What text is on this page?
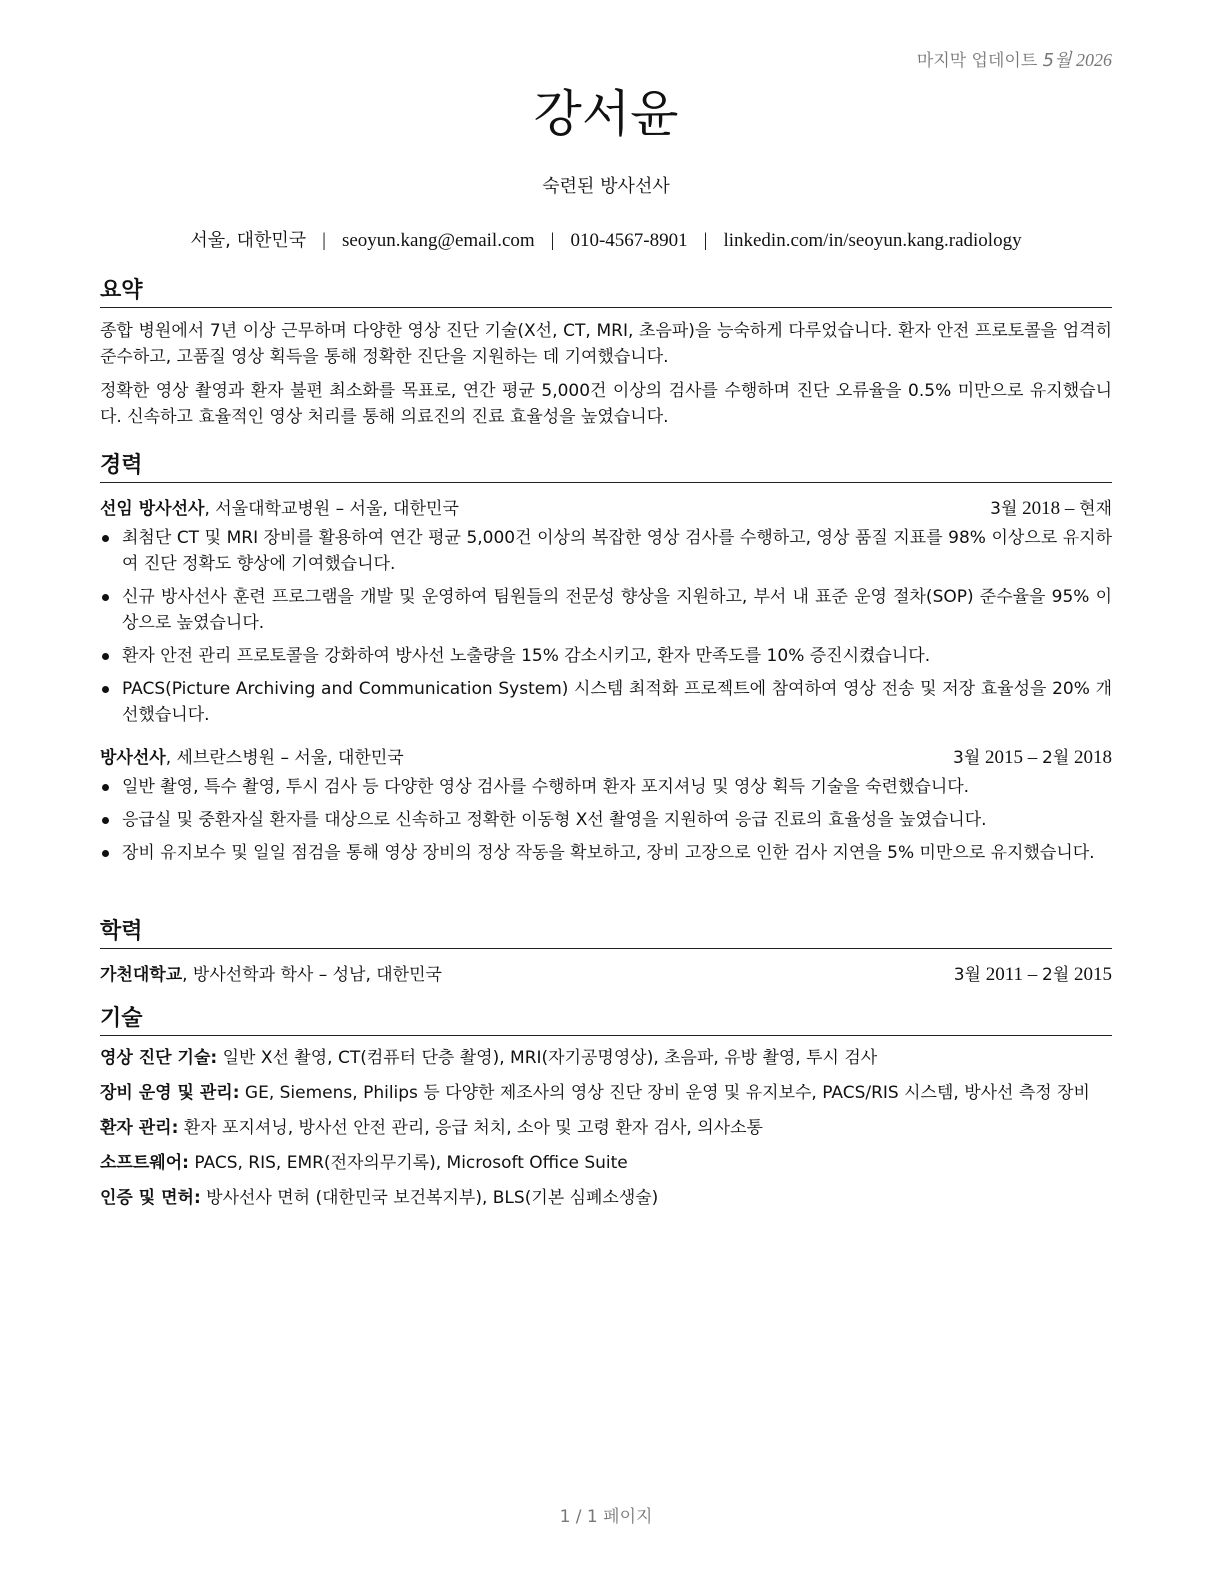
마지막 업데이트 5월 2026
강서윤
숙련된 방사선사
서울, 대한민국 | seoyun.kang@email.com | 010-4567-8901 | linkedin.com/in/seoyun.kang.radiology
요약

종합 병원에서 7년 이상 근무하며 다양한 영상 진단 기술(X선, CT, MRI, 초음파)을 능숙하게 다루었습니다. 환자 안전 프로토콜을 엄격히 준수하고, 고품질 영상 획득을 통해 정확한 진단을 지원하는 데 기여했습니다.

정확한 영상 촬영과 환자 불편 최소화를 목표로, 연간 평균 5,000건 이상의 검사를 수행하며 진단 오류율을 0.5% 미만으로 유지했습니다. 신속하고 효율적인 영상 처리를 통해 의료진의 진료 효율성을 높였습니다.

경력
선임 방사선사, 서울대학교병원 – 서울, 대한민국	3월 2018 – 현재
최첨단 CT 및 MRI 장비를 활용하여 연간 평균 5,000건 이상의 복잡한 영상 검사를 수행하고, 영상 품질 지표를 98% 이상으로 유지하여 진단 정확도 향상에 기여했습니다.
신규 방사선사 훈련 프로그램을 개발 및 운영하여 팀원들의 전문성 향상을 지원하고, 부서 내 표준 운영 절차(SOP) 준수율을 95% 이상으로 높였습니다.
환자 안전 관리 프로토콜을 강화하여 방사선 노출량을 15% 감소시키고, 환자 만족도를 10% 증진시켰습니다.
PACS(Picture Archiving and Communication System) 시스템 최적화 프로젝트에 참여하여 영상 전송 및 저장 효율성을 20% 개선했습니다.
방사선사, 세브란스병원 – 서울, 대한민국	3월 2015 – 2월 2018
일반 촬영, 특수 촬영, 투시 검사 등 다양한 영상 검사를 수행하며 환자 포지셔닝 및 영상 획득 기술을 숙련했습니다.
응급실 및 중환자실 환자를 대상으로 신속하고 정확한 이동형 X선 촬영을 지원하여 응급 진료의 효율성을 높였습니다.
장비 유지보수 및 일일 점검을 통해 영상 장비의 정상 작동을 확보하고, 장비 고장으로 인한 검사 지연을 5% 미만으로 유지했습니다.
학력
가천대학교, 방사선학과 학사 – 성남, 대한민국	3월 2011 – 2월 2015
기술
영상 진단 기술: 일반 X선 촬영, CT(컴퓨터 단층 촬영), MRI(자기공명영상), 초음파, 유방 촬영, 투시 검사
장비 운영 및 관리: GE, Siemens, Philips 등 다양한 제조사의 영상 진단 장비 운영 및 유지보수, PACS/RIS 시스템, 방사선 측정 장비
환자 관리: 환자 포지셔닝, 방사선 안전 관리, 응급 처치, 소아 및 고령 환자 검사, 의사소통
소프트웨어: PACS, RIS, EMR(전자의무기록), Microsoft Office Suite
인증 및 면허: 방사선사 면허 (대한민국 보건복지부), BLS(기본 심폐소생술)
1 / 1 페이지
